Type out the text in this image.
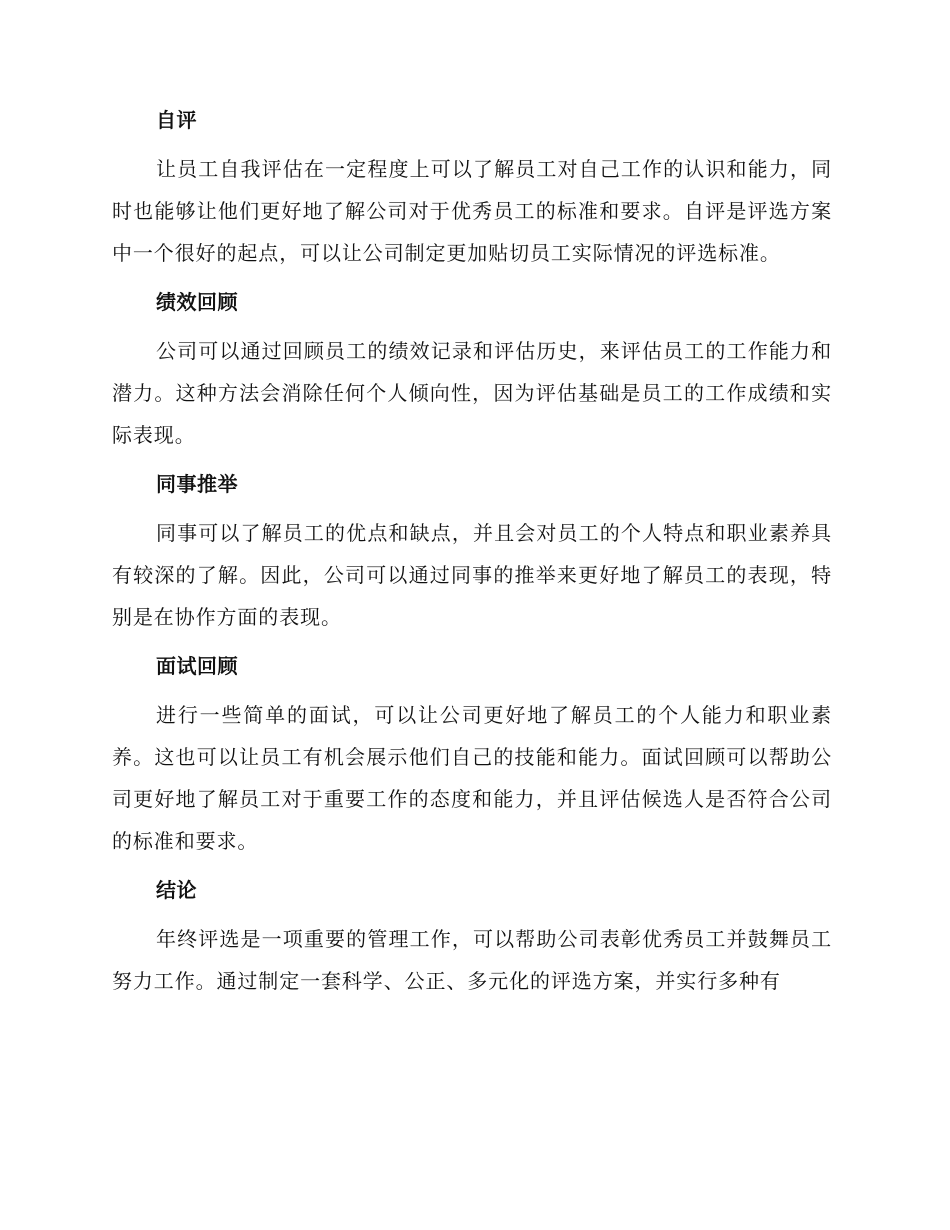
自评
让员工自我评估在一定程度上可以了解员工对自己工作的认识和能力，同时也能够让他们更好地了解公司对于优秀员工的标准和要求。自评是评选方案中一个很好的起点，可以让公司制定更加贴切员工实际情况的评选标准。
绩效回顾
公司可以通过回顾员工的绩效记录和评估历史，来评估员工的工作能力和潜力。这种方法会消除任何个人倾向性，因为评估基础是员工的工作成绩和实际表现。
同事推举
同事可以了解员工的优点和缺点，并且会对员工的个人特点和职业素养具有较深的了解。因此，公司可以通过同事的推举来更好地了解员工的表现，特别是在协作方面的表现。
面试回顾
进行一些简单的面试，可以让公司更好地了解员工的个人能力和职业素养。这也可以让员工有机会展示他们自己的技能和能力。面试回顾可以帮助公司更好地了解员工对于重要工作的态度和能力，并且评估候选人是否符合公司的标准和要求。
结论
年终评选是一项重要的管理工作，可以帮助公司表彰优秀员工并鼓舞员工努力工作。通过制定一套科学、公正、多元化的评选方案，并实行多种有
